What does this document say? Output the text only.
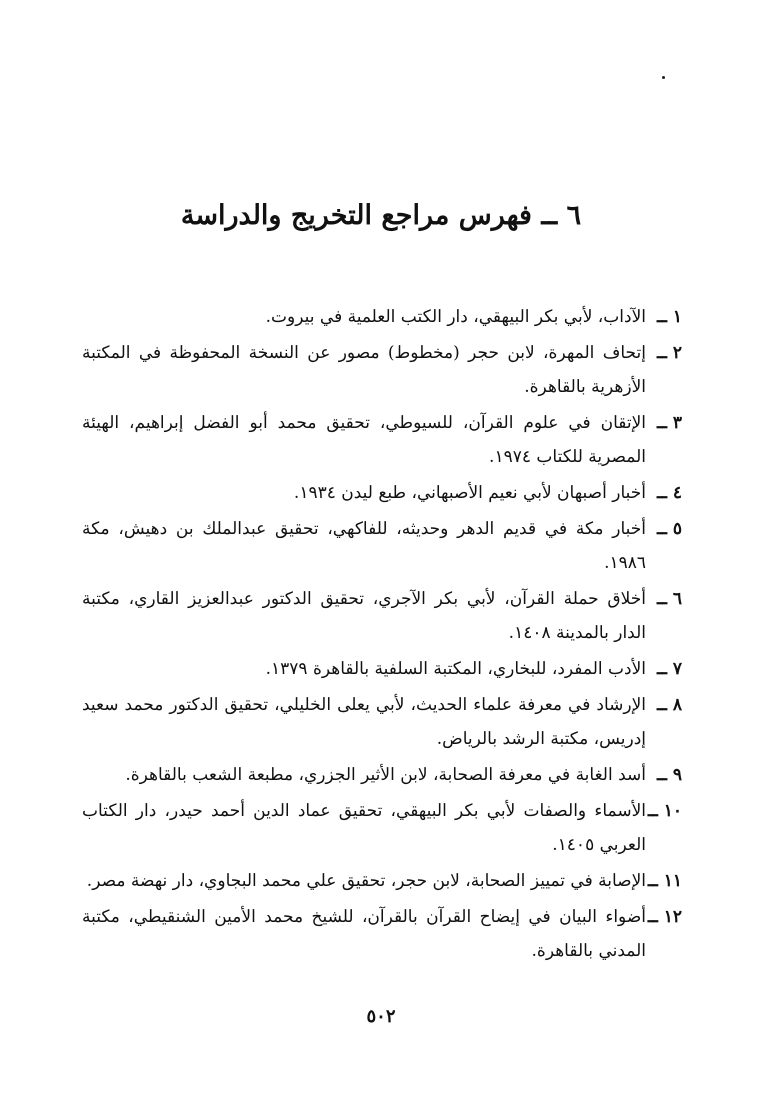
٦ ــ فهرس مراجع التخريج والدراسة
١ ــ
الآداب، لأبي بكر البيهقي، دار الكتب العلمية في بيروت.
٢ ــ
إتحاف المهرة، لابن حجر (مخطوط) مصور عن النسخة المحفوظة في المكتبة الأزهرية بالقاهرة.
٣ ــ
الإتقان في علوم القرآن، للسيوطي، تحقيق محمد أبو الفضل إبراهيم، الهيئة المصرية للكتاب ١٩٧٤.
٤ ــ
أخبار أصبهان لأبي نعيم الأصبهاني، طبع ليدن ١٩٣٤.
٥ ــ
أخبار مكة في قديم الدهر وحديثه، للفاكهي، تحقيق عبدالملك بن دهيش، مكة ١٩٨٦.
٦ ــ
أخلاق حملة القرآن، لأبي بكر الآجري، تحقيق الدكتور عبدالعزيز القاري، مكتبة الدار بالمدينة ١٤٠٨.
٧ ــ
الأدب المفرد، للبخاري، المكتبة السلفية بالقاهرة ١٣٧٩.
٨ ــ
الإرشاد في معرفة علماء الحديث، لأبي يعلى الخليلي، تحقيق الدكتور محمد سعيد إدريس، مكتبة الرشد بالرياض.
٩ ــ
أسد الغابة في معرفة الصحابة، لابن الأثير الجزري، مطبعة الشعب بالقاهرة.
١٠ ــ
الأسماء والصفات لأبي بكر البيهقي، تحقيق عماد الدين أحمد حيدر، دار الكتاب العربي ١٤٠٥.
١١ ــ
الإصابة في تمييز الصحابة، لابن حجر، تحقيق علي محمد البجاوي، دار نهضة مصر.
١٢ ــ
أضواء البيان في إيضاح القرآن بالقرآن، للشيخ محمد الأمين الشنقيطي، مكتبة المدني بالقاهرة.
٥٠٢
